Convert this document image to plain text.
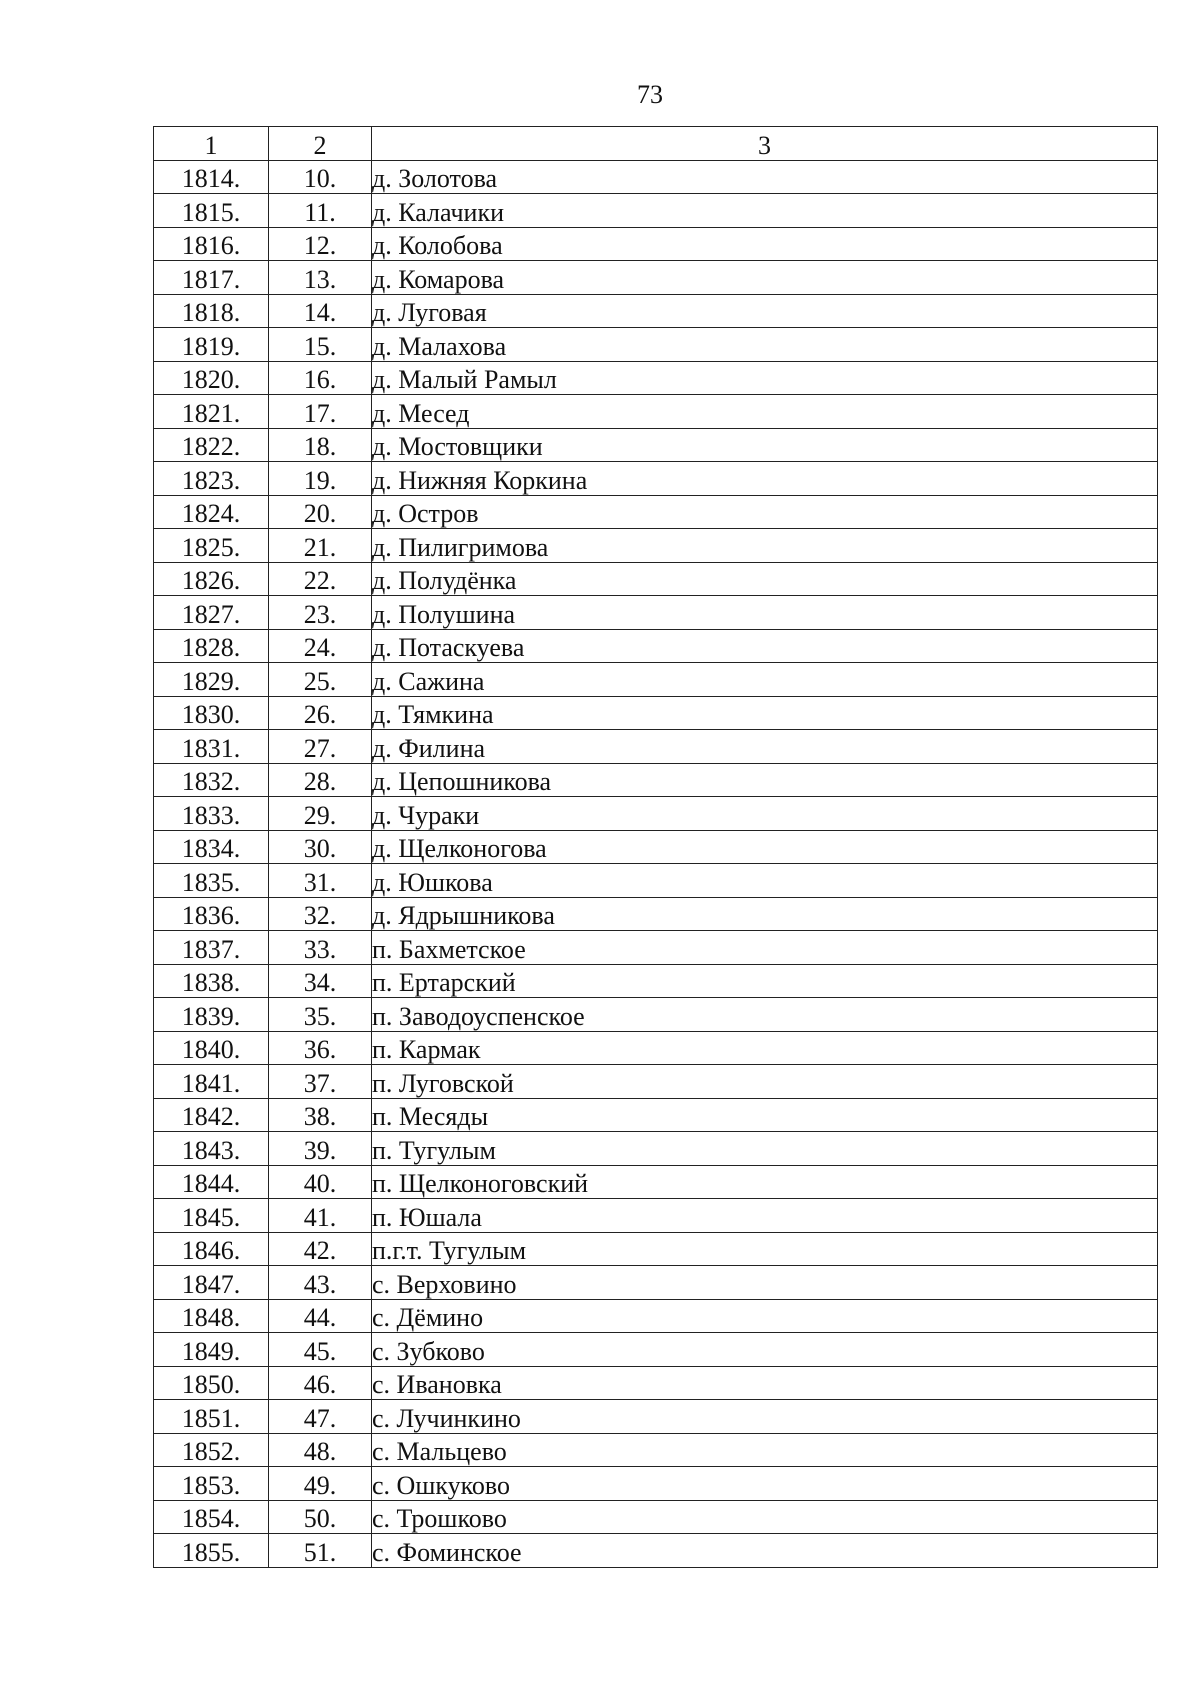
73
1	2	3
1814.	10.	д. Золотова
1815.	11.	д. Калачики
1816.	12.	д. Колобова
1817.	13.	д. Комарова
1818.	14.	д. Луговая
1819.	15.	д. Малахова
1820.	16.	д. Малый Рамыл
1821.	17.	д. Месед
1822.	18.	д. Мостовщики
1823.	19.	д. Нижняя Коркина
1824.	20.	д. Остров
1825.	21.	д. Пилигримова
1826.	22.	д. Полудёнка
1827.	23.	д. Полушина
1828.	24.	д. Потаскуева
1829.	25.	д. Сажина
1830.	26.	д. Тямкина
1831.	27.	д. Филина
1832.	28.	д. Цепошникова
1833.	29.	д. Чураки
1834.	30.	д. Щелконогова
1835.	31.	д. Юшкова
1836.	32.	д. Ядрышникова
1837.	33.	п. Бахметское
1838.	34.	п. Ертарский
1839.	35.	п. Заводоуспенское
1840.	36.	п. Кармак
1841.	37.	п. Луговской
1842.	38.	п. Месяды
1843.	39.	п. Тугулым
1844.	40.	п. Щелконоговский
1845.	41.	п. Юшала
1846.	42.	п.г.т. Тугулым
1847.	43.	с. Верховино
1848.	44.	с. Дёмино
1849.	45.	с. Зубково
1850.	46.	с. Ивановка
1851.	47.	с. Лучинкино
1852.	48.	с. Мальцево
1853.	49.	с. Ошкуково
1854.	50.	с. Трошково
1855.	51.	с. Фоминское
